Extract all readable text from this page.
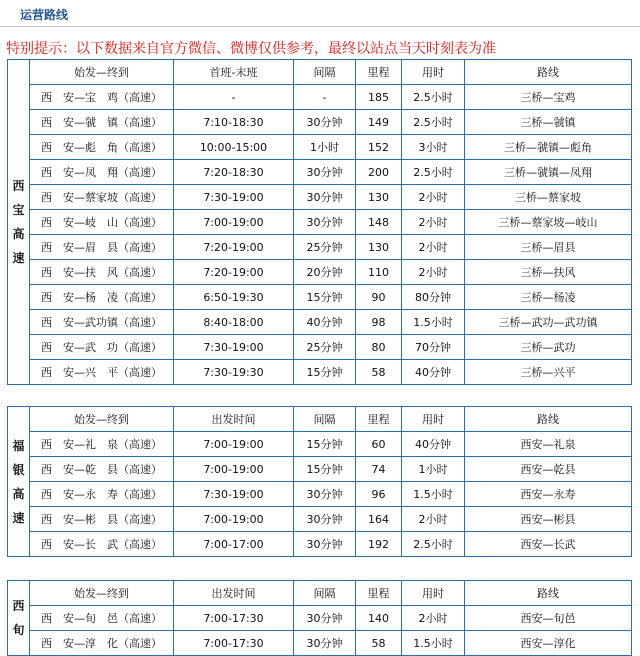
运营路线
特别提示：以下数据来自官方微信、微博仅供参考，最终以站点当天时刻表为准
西宝高速	始发—终到	首班-末班	间隔	里程	用时	路线
	西　安—宝　鸡（高速）	-	-	185	2.5小时	三桥—宝鸡
	西　安—虢　镇（高速）	7:10-18:30	30分钟	149	2.5小时	三桥—虢镇
	西　安—彪　角（高速）	10:00-15:00	1小时	152	3小时	三桥—虢镇—彪角
	西　安—凤　翔（高速）	7:20-18:30	30分钟	200	2.5小时	三桥—虢镇—凤翔
	西　安—蔡家坡（高速）	7:30-19:00	30分钟	130	2小时	三桥—蔡家坡
	西　安—岐　山（高速）	7:00-19:00	30分钟	148	2小时	三桥—蔡家坡—岐山
	西　安—眉　县（高速）	7:20-19:00	25分钟	130	2小时	三桥—眉县
	西　安—扶　风（高速）	7:20-19:00	20分钟	110	2小时	三桥—扶风
	西　安—杨　凌（高速）	6:50-19:30	15分钟	90	80分钟	三桥—杨凌
	西　安—武功镇（高速）	8:40-18:00	40分钟	98	1.5小时	三桥—武功—武功镇
	西　安—武　功（高速）	7:30-19:00	25分钟	80	70分钟	三桥—武功
	西　安—兴　平（高速）	7:30-19:30	15分钟	58	40分钟	三桥—兴平
福银高速	始发—终到	出发时间	间隔	里程	用时	路线
	西　安—礼　泉（高速）	7:00-19:00	15分钟	60	40分钟	西安—礼泉
	西　安—乾　县（高速）	7:00-19:00	15分钟	74	1小时	西安—乾县
	西　安—永　寿（高速）	7:30-19:00	30分钟	96	1.5小时	西安—永寿
	西　安—彬　县（高速）	7:00-19:00	30分钟	164	2小时	西安—彬县
	西　安—长　武（高速）	7:00-17:00	30分钟	192	2.5小时	西安—长武
西旬	始发—终到	出发时间	间隔	里程	用时	路线
	西　安—旬　邑（高速）	7:00-17:30	30分钟	140	2小时	西安—旬邑
	西　安—淳　化（高速）	7:00-17:30	30分钟	58	1.5小时	西安—淳化
